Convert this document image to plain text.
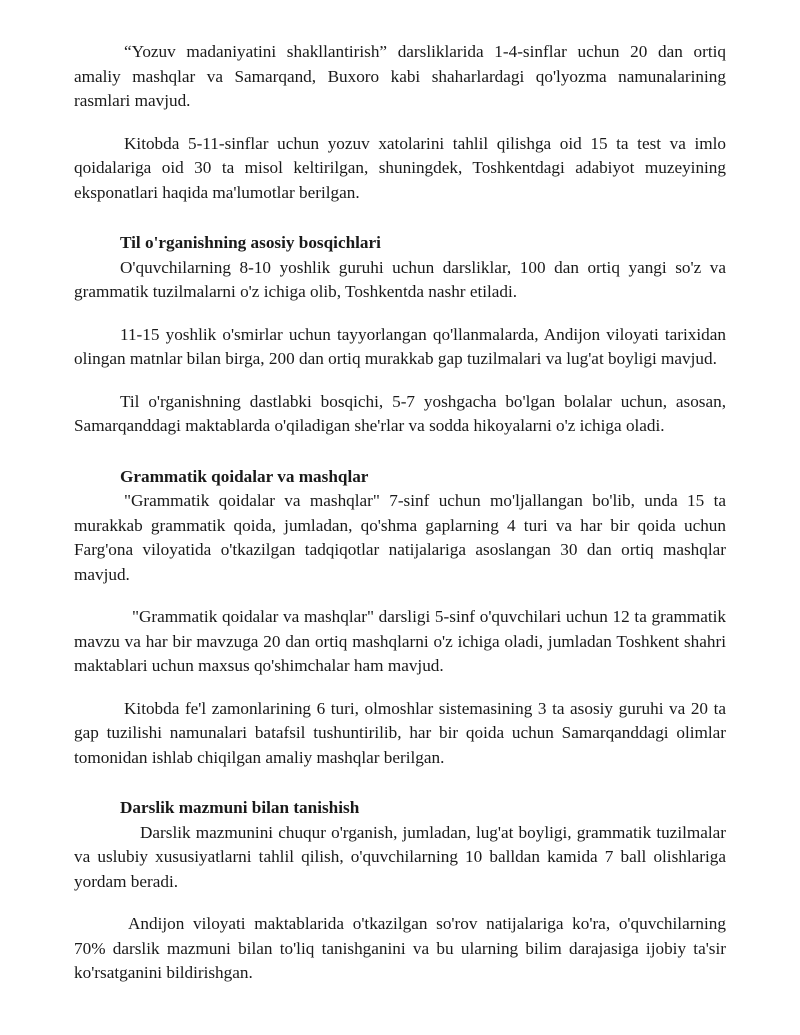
“Yozuv madaniyatini shakllantirish” darsliklarida 1-4-sinflar uchun 20 dan ortiq amaliy mashqlar va Samarqand, Buxoro kabi shaharlardagi qo'lyozma namunalarining rasmlari mavjud.

Kitobda 5-11-sinflar uchun yozuv xatolarini tahlil qilishga oid 15 ta test va imlo qoidalariga oid 30 ta misol keltirilgan, shuningdek, Toshkentdagi adabiyot muzeyining eksponatlari haqida ma'lumotlar berilgan.

Til o'rganishning asosiy bosqichlari

O'quvchilarning 8-10 yoshlik guruhi uchun darsliklar, 100 dan ortiq yangi so'z va grammatik tuzilmalarni o'z ichiga olib, Toshkentda nashr etiladi.

11-15 yoshlik o'smirlar uchun tayyorlangan qo'llanmalarda, Andijon viloyati tarixidan olingan matnlar bilan birga, 200 dan ortiq murakkab gap tuzilmalari va lug'at boyligi mavjud.

Til o'rganishning dastlabki bosqichi, 5-7 yoshgacha bo'lgan bolalar uchun, asosan, Samarqanddagi maktablarda o'qiladigan she'rlar va sodda hikoyalarni o'z ichiga oladi.

Grammatik qoidalar va mashqlar

"Grammatik qoidalar va mashqlar" 7-sinf uchun mo'ljallangan bo'lib, unda 15 ta murakkab grammatik qoida, jumladan, qo'shma gaplarning 4 turi va har bir qoida uchun Farg'ona viloyatida o'tkazilgan tadqiqotlar natijalariga asoslangan 30 dan ortiq mashqlar mavjud.

"Grammatik qoidalar va mashqlar" darsligi 5-sinf o'quvchilari uchun 12 ta grammatik mavzu va har bir mavzuga 20 dan ortiq mashqlarni o'z ichiga oladi, jumladan Toshkent shahri maktablari uchun maxsus qo'shimchalar ham mavjud.

Kitobda fe'l zamonlarining 6 turi, olmoshlar sistemasining 3 ta asosiy guruhi va 20 ta gap tuzilishi namunalari batafsil tushuntirilib, har bir qoida uchun Samarqanddagi olimlar tomonidan ishlab chiqilgan amaliy mashqlar berilgan.

Darslik mazmuni bilan tanishish

Darslik mazmunini chuqur o'rganish, jumladan, lug'at boyligi, grammatik tuzilmalar va uslubiy xususiyatlarni tahlil qilish, o'quvchilarning 10 balldan kamida 7 ball olishlariga yordam beradi.

Andijon viloyati maktablarida o'tkazilgan so'rov natijalariga ko'ra, o'quvchilarning 70% darslik mazmuni bilan to'liq tanishganini va bu ularning bilim darajasiga ijobiy ta'sir ko'rsatganini bildirishgan.
